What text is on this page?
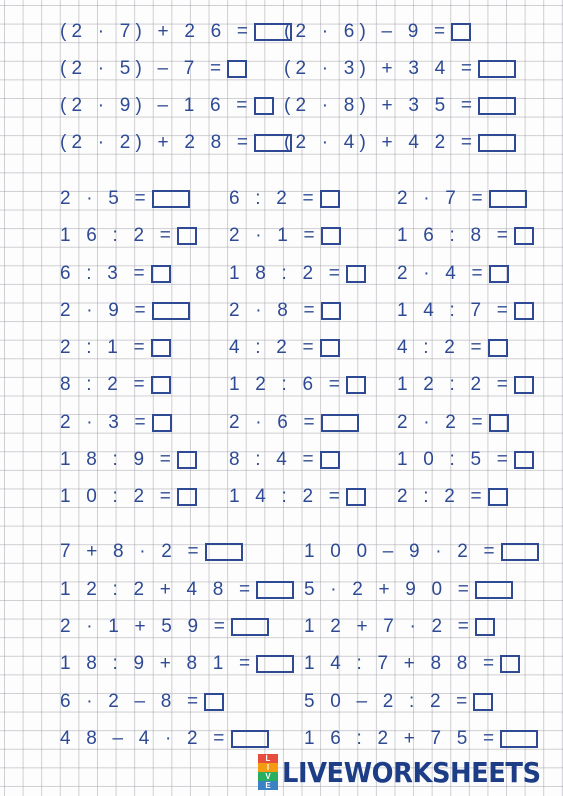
(2 · 7) + 2 6 = (2 · 6) – 9 =
(2 · 5) – 7 =	(2 · 3) + 3 4 =
(2 · 9) – 1 6 = (2 · 8) + 3 5 =
(2 · 2) + 2 8 = (2 · 4) + 4 2 =
2 · 5 =	6 : 2 =	2 · 7 =
1 6 : 2 =	2 · 1 =	1 6 : 8 =
6 : 3 =	1 8 : 2 =	2 · 4 =
2 · 9 =	2 · 8 =	1 4 : 7 =
2 : 1 =	4 : 2 =	4 : 2 =
8 : 2 =	1 2 : 6 =	1 2 : 2 =
2 · 3 =	2 · 6 =	2 · 2 =
1 8 : 9 =	8 : 4 =	1 0 : 5 =
1 0 : 2 =	1 4 : 2 =	2 : 2 =
7 + 8 · 2 =	1 0 0 – 9 · 2 =
1 2 : 2 + 4 8 =	5 · 2 + 9 0 =
2 · 1 + 5 9 =	1 2 + 7 · 2 =
1 8 : 9 + 8 1 =	1 4 : 7 + 8 8 =
6 · 2 – 8 =	5 0 – 2 : 2 =
4 8 – 4 · 2 =	1 6 : 2 + 7 5 =
L
I
V
E LIVEWORKSHEETS
